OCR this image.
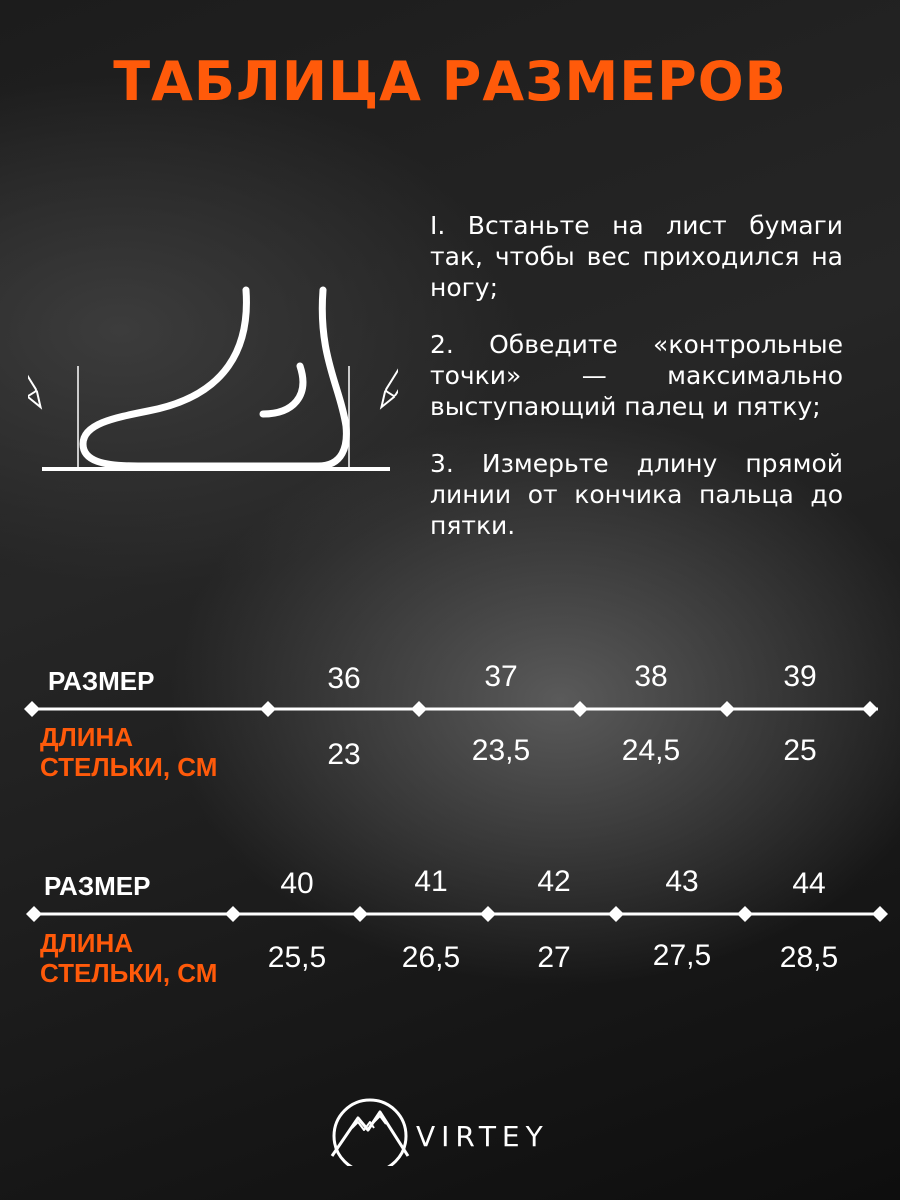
ТАБЛИЦА РАЗМЕРОВ

I. Встаньте на лист бумаги так, чтобы вес приходился на ногу;

2. Обведите «контрольные точки» — максимально выступающий палец и пятку;

3. Измерьте длину прямой линии от кончика пальца до пятки.

РАЗМЕР	36	37	38	39
ДЛИНА
СТЕЛЬКИ, СМ	23	23,5	24,5	25
РАЗМЕР	40	41	42	43	44
ДЛИНА
СТЕЛЬКИ, СМ	25,5	26,5	27	27,5	28,5
VIRTEY
